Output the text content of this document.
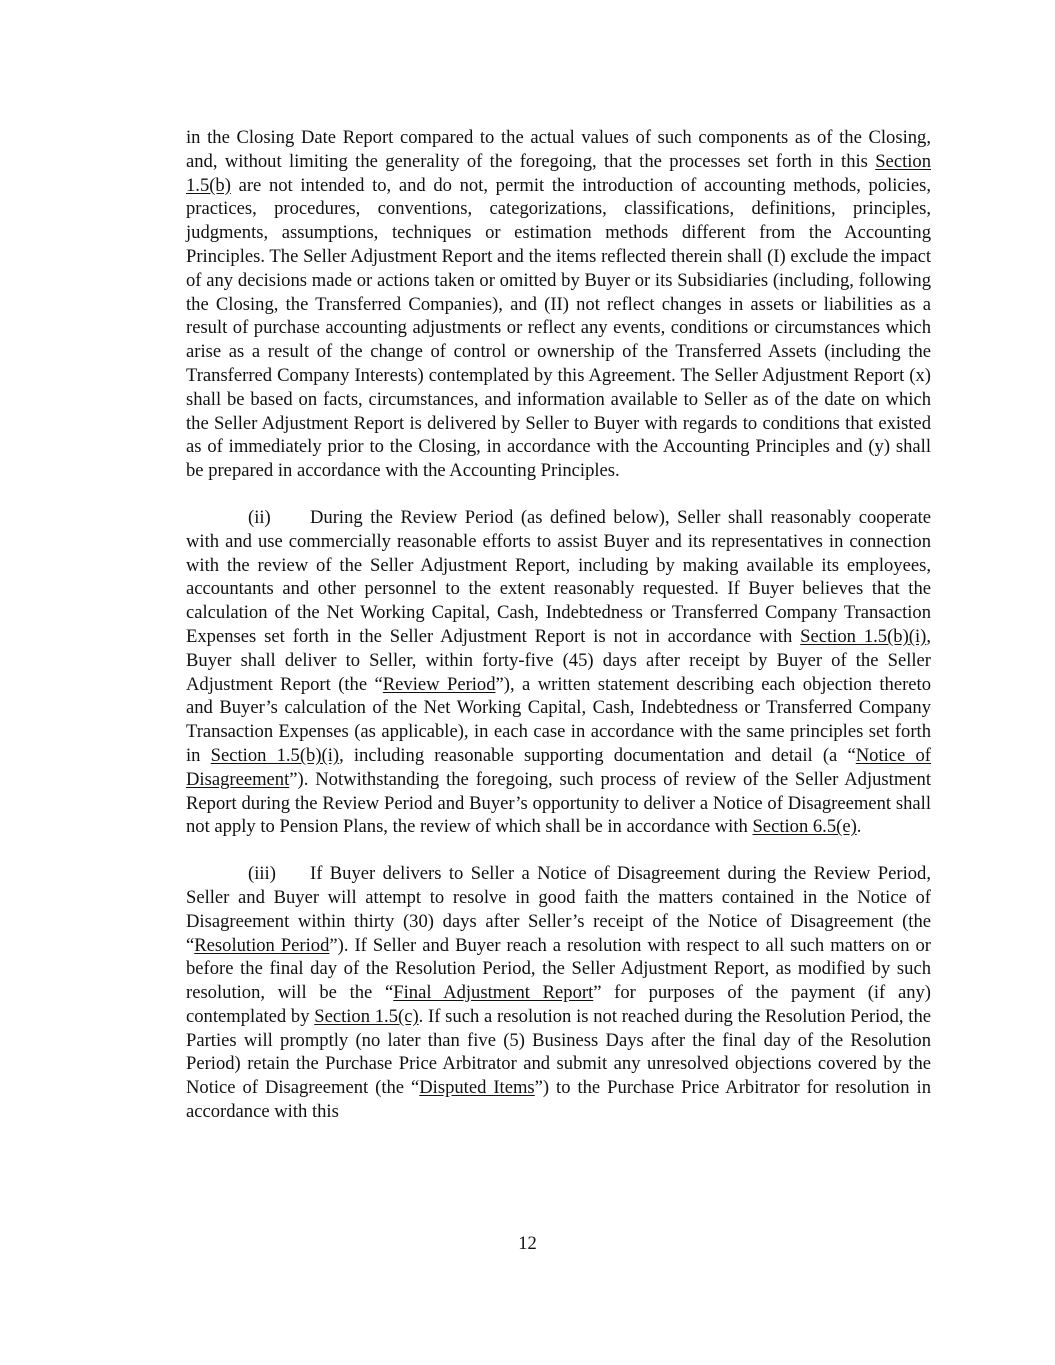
in the Closing Date Report compared to the actual values of such components as of the Closing, and, without limiting the generality of the foregoing, that the processes set forth in this Section 1.5(b) are not intended to, and do not, permit the introduction of accounting methods, policies, practices, procedures, conventions, categorizations, classifications, definitions, principles, judgments, assumptions, techniques or estimation methods different from the Accounting Principles. The Seller Adjustment Report and the items reflected therein shall (I) exclude the impact of any decisions made or actions taken or omitted by Buyer or its Subsidiaries (including, following the Closing, the Transferred Companies), and (II) not reflect changes in assets or liabilities as a result of purchase accounting adjustments or reflect any events, conditions or circumstances which arise as a result of the change of control or ownership of the Transferred Assets (including the Transferred Company Interests) contemplated by this Agreement. The Seller Adjustment Report (x) shall be based on facts, circumstances, and information available to Seller as of the date on which the Seller Adjustment Report is delivered by Seller to Buyer with regards to conditions that existed as of immediately prior to the Closing, in accordance with the Accounting Principles and (y) shall be prepared in accordance with the Accounting Principles.

(ii) During the Review Period (as defined below), Seller shall reasonably cooperate with and use commercially reasonable efforts to assist Buyer and its representatives in connection with the review of the Seller Adjustment Report, including by making available its employees, accountants and other personnel to the extent reasonably requested. If Buyer believes that the calculation of the Net Working Capital, Cash, Indebtedness or Transferred Company Transaction Expenses set forth in the Seller Adjustment Report is not in accordance with Section 1.5(b)(i), Buyer shall deliver to Seller, within forty-five (45) days after receipt by Buyer of the Seller Adjustment Report (the “Review Period”), a written statement describing each objection thereto and Buyer’s calculation of the Net Working Capital, Cash, Indebtedness or Transferred Company Transaction Expenses (as applicable), in each case in accordance with the same principles set forth in Section 1.5(b)(i), including reasonable supporting documentation and detail (a “Notice of Disagreement”). Notwithstanding the foregoing, such process of review of the Seller Adjustment Report during the Review Period and Buyer’s opportunity to deliver a Notice of Disagreement shall not apply to Pension Plans, the review of which shall be in accordance with Section 6.5(e).

(iii) If Buyer delivers to Seller a Notice of Disagreement during the Review Period, Seller and Buyer will attempt to resolve in good faith the matters contained in the Notice of Disagreement within thirty (30) days after Seller’s receipt of the Notice of Disagreement (the “Resolution Period”). If Seller and Buyer reach a resolution with respect to all such matters on or before the final day of the Resolution Period, the Seller Adjustment Report, as modified by such resolution, will be the “Final Adjustment Report” for purposes of the payment (if any) contemplated by Section 1.5(c). If such a resolution is not reached during the Resolution Period, the Parties will promptly (no later than five (5) Business Days after the final day of the Resolution Period) retain the Purchase Price Arbitrator and submit any unresolved objections covered by the Notice of Disagreement (the “Disputed Items”) to the Purchase Price Arbitrator for resolution in accordance with this

12
